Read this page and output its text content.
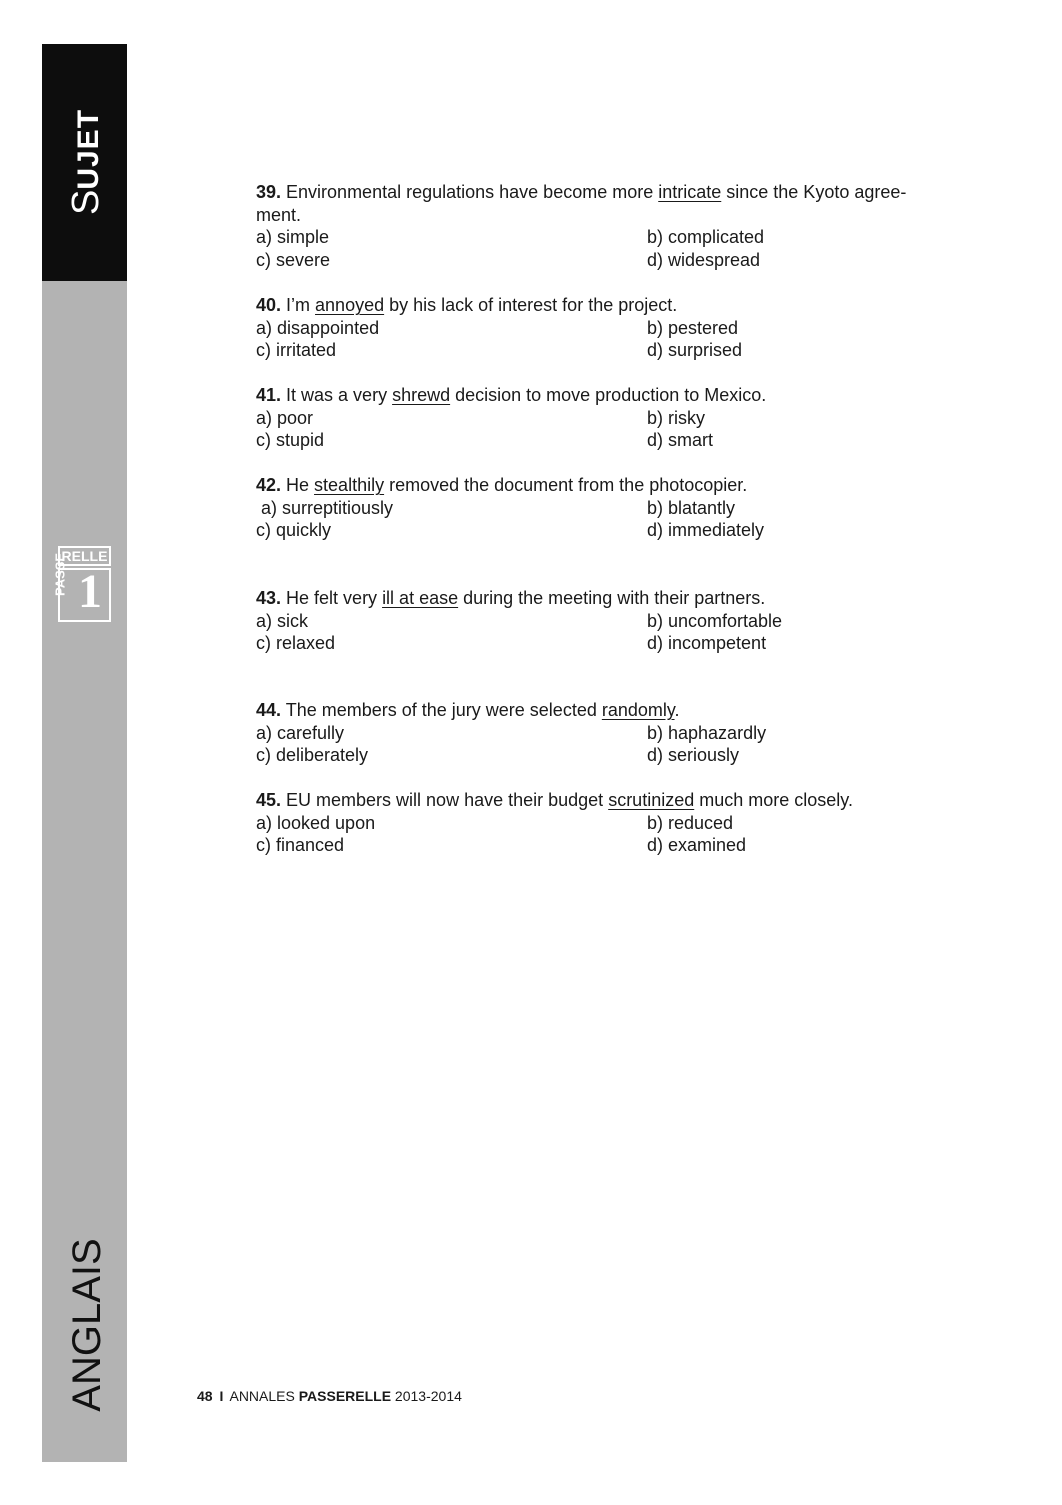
SUJET
RELLE
PASSE 1
ANGLAIS
39. Environmental regulations have become more intricate since the Kyoto agree-
ment.
a) simple	b) complicated
c) severe	d) widespread
40. I’m annoyed by his lack of interest for the project.
a) disappointed	b) pestered
c) irritated	d) surprised
41. It was a very shrewd decision to move production to Mexico.
a) poor	b) risky
c) stupid	d) smart
42. He stealthily removed the document from the photocopier.
a) surreptitiously	b) blatantly
c) quickly	d) immediately
43. He felt very ill at ease during the meeting with their partners.
a) sick	b) uncomfortable
c) relaxed	d) incompetent
44. The members of the jury were selected randomly.
a) carefully	b) haphazardly
c) deliberately	d) seriously
45. EU members will now have their budget scrutinized much more closely.
a) looked upon	b) reduced
c) financed	d) examined
48 I ANNALES PASSERELLE 2013-2014
